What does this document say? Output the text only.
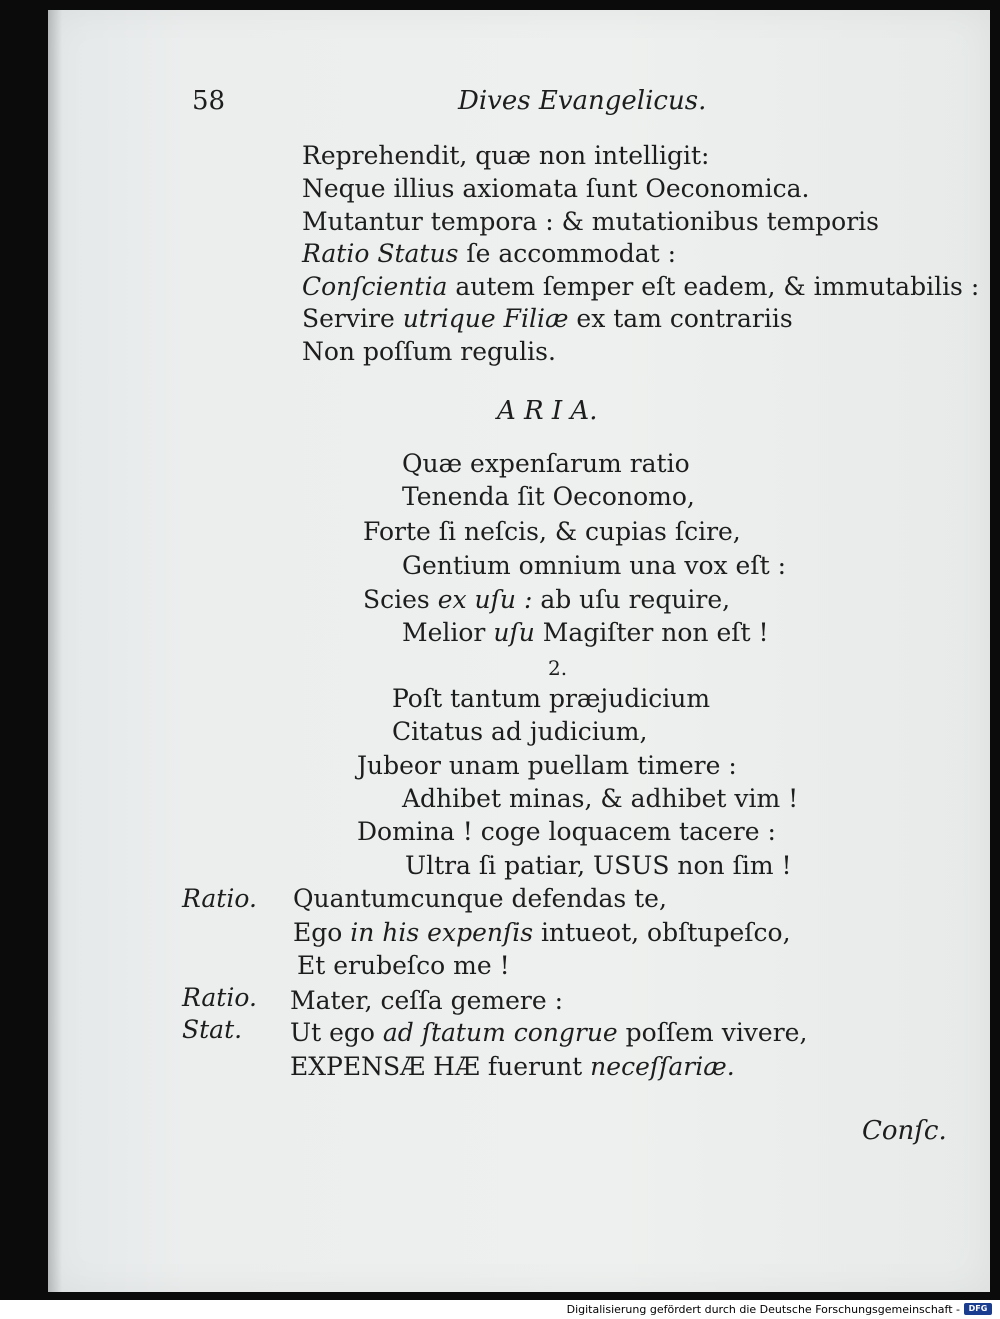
58	Dives Evangelicus.
Reprehendit, quæ non intelligit:
Neque illius axiomata ſunt Oeconomica.
Mutantur tempora : & mutationibus temporis
Ratio Status ſe accommodat :
Conſcientia autem ſemper eſt eadem, & immutabilis :
Servire utrique Filiæ ex tam contrariis
Non poſſum regulis.
A R I A.
Quæ expenſarum ratio
Tenenda ſit Oeconomo,
Forte ſi neſcis, & cupias ſcire,
Gentium omnium una vox eſt :
Scies ex uſu : ab uſu require,
Melior uſu Magiſter non eſt !
2.
Poſt tantum præjudicium
Citatus ad judicium,
Jubeor unam puellam timere :
Adhibet minas, & adhibet vim !
Domina ! coge loquacem tacere :
Ultra ſi patiar, USUS non ſim !
Ratio. Quantumcunque defendas te,
Ego in his expenſis intueot, obſtupeſco,
Et erubeſco me !
Ratio. Mater, ceſſa gemere :
Stat. Ut ego ad ſtatum congrue poſſem vivere,
EXPENSÆ HÆ fuerunt neceſſariæ.
Conſc.
Digitalisierung gefördert durch die Deutsche Forschungsgemeinschaft -	DFG
